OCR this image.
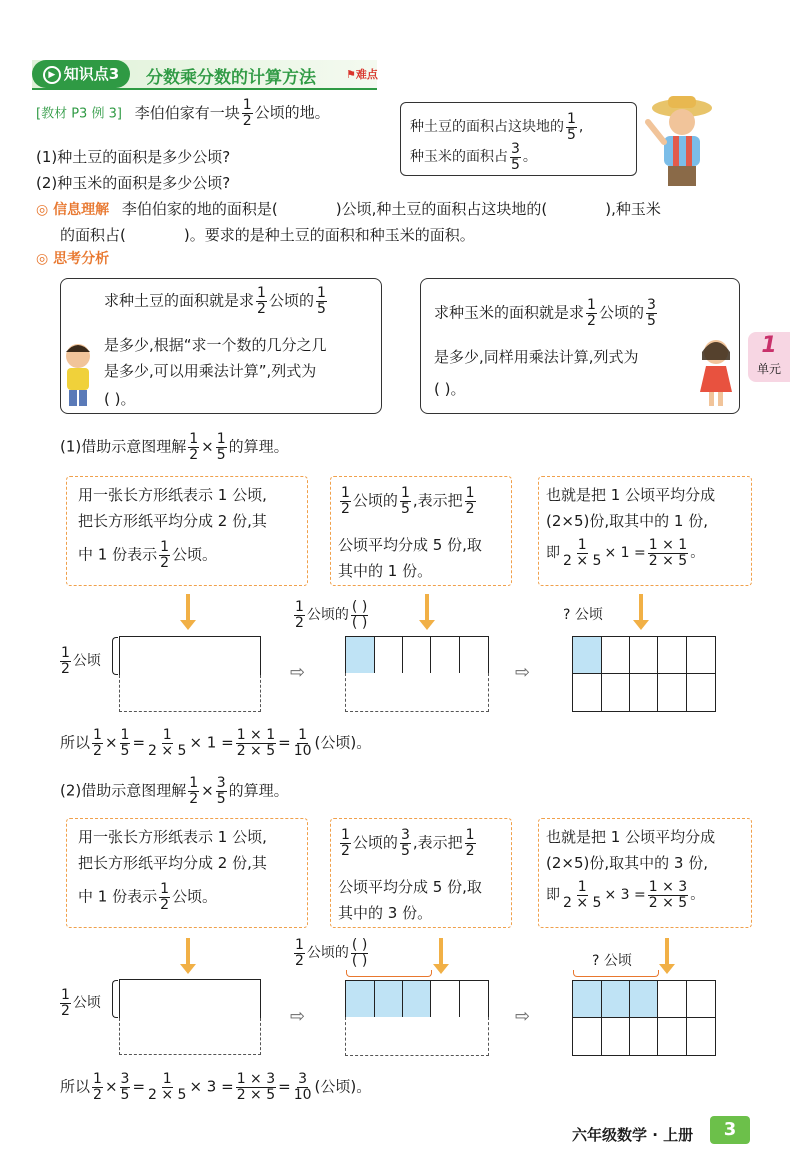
▶ 知识点3	分数乘分数的计算方法	⚑难点
[教材 P3 例 3] 李伯伯家有一块 $\frac{1}{2}$ 公顷的地。
(1)种土豆的面积是多少公顷?
(2)种玉米的面积是多少公顷?
种土豆的面积占这块地的 $\frac{1}{5}$ ,
种玉米的面积占 $\frac{3}{5}$ 。
◎ 信息理解 李伯伯家的地的面积是(	)公顷,种土豆的面积占这块地的(	),种玉米
的面积占(	)。要求的是种土豆的面积和种玉米的面积。
◎ 思考分析
求种土豆的面积就是求 $\frac{1}{2}$ 公顷的 $\frac{1}{5}$
是多少,根据“求一个数的几分之几
是多少,可以用乘法计算”,列式为
( )。
求种玉米的面积就是求 $\frac{1}{2}$ 公顷的 $\frac{3}{5}$
是多少,同样用乘法计算,列式为
( )。
1
单元
(1)借助示意图理解 $\frac{1}{2} \times \frac{1}{5}$ 的算理。
用一张长方形纸表示 1 公顷,
把长方形纸平均分成 2 份,其
中 1 份表示 $\frac{1}{2}$ 公顷。
$\frac{1}{2}$ 公顷的 $\frac{1}{5}$ ,表示把 $\frac{1}{2}$
公顷平均分成 5 份,取
其中的 1 份。
也就是把 1 公顷平均分成
(2×5)份,取其中的 1 份,
即 $\frac{1}{2 \times 5} \times 1 = \frac{1 \times 1}{2 \times 5}$ 。
$\frac{1}{2}$ 公顷
⇨
$\frac{1}{2}$ 公顷的 $\frac{( )}{( )}$
⇨
? 公顷
所以 $\frac{1}{2} \times \frac{1}{5} = \frac{1}{2 \times 5} \times 1 = \frac{1 \times 1}{2 \times 5} = \frac{1}{10}$ (公顷)。
(2)借助示意图理解 $\frac{1}{2} \times \frac{3}{5}$ 的算理。
用一张长方形纸表示 1 公顷,
把长方形纸平均分成 2 份,其
中 1 份表示 $\frac{1}{2}$ 公顷。
$\frac{1}{2}$ 公顷的 $\frac{3}{5}$ ,表示把 $\frac{1}{2}$
公顷平均分成 5 份,取
其中的 3 份。
也就是把 1 公顷平均分成
(2×5)份,取其中的 3 份,
即 $\frac{1}{2 \times 5} \times 3 = \frac{1 \times 3}{2 \times 5}$ 。
$\frac{1}{2}$ 公顷
⇨
$\frac{1}{2}$ 公顷的 $\frac{( )}{( )}$
⇨
? 公顷
所以 $\frac{1}{2} \times \frac{3}{5} = \frac{1}{2 \times 5} \times 3 = \frac{1 \times 3}{2 \times 5} = \frac{3}{10}$ (公顷)。
六年级数学 · 上册	3
